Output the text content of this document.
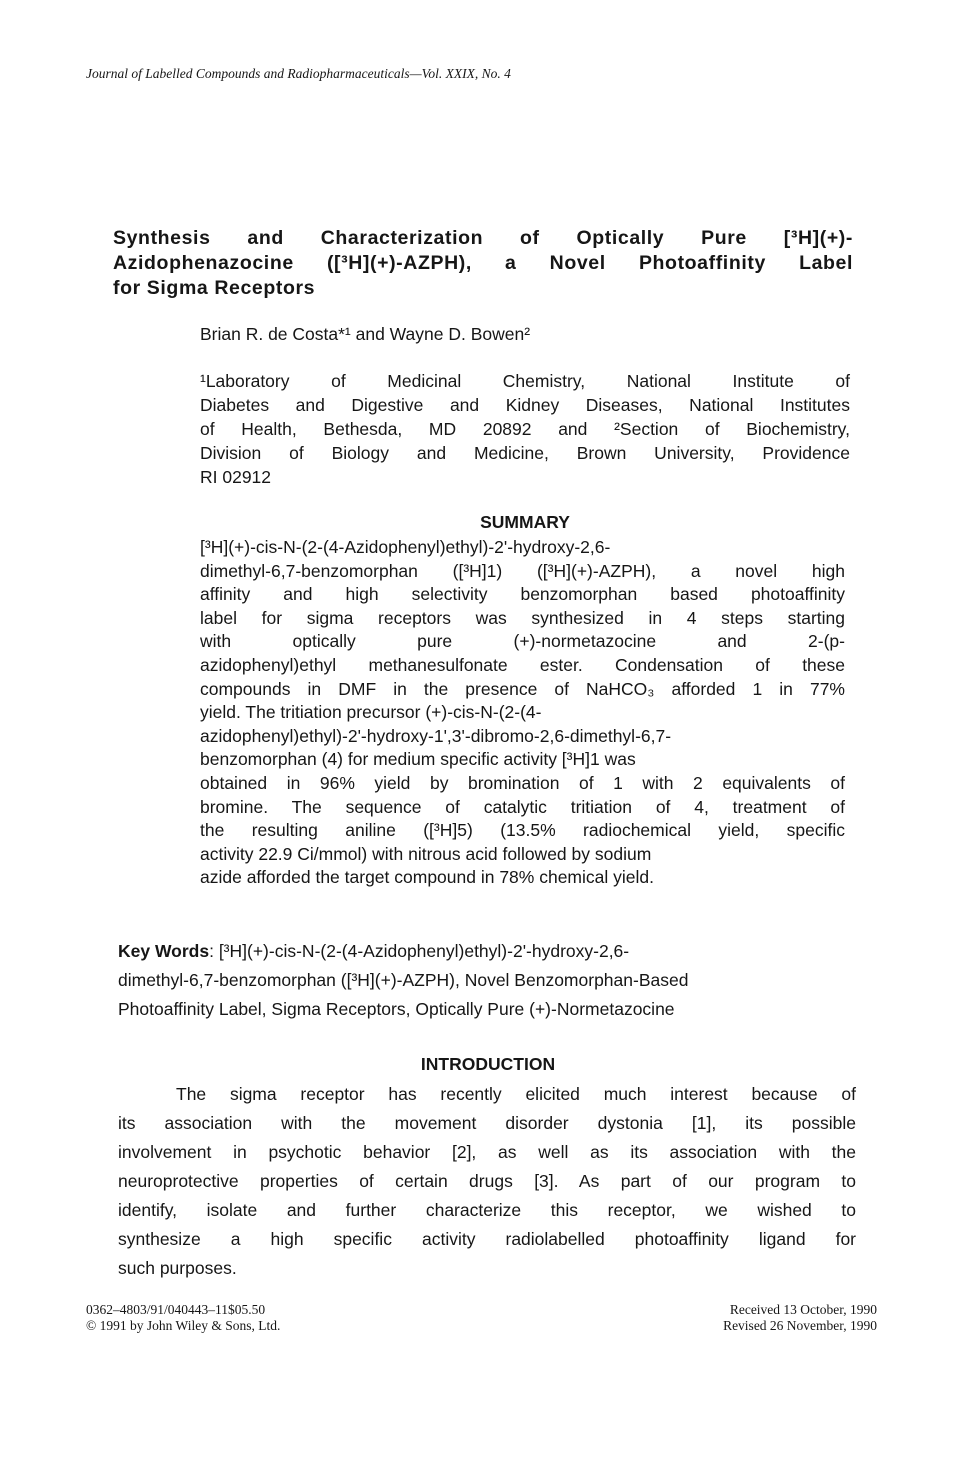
Journal of Labelled Compounds and Radiopharmaceuticals—Vol. XXIX, No. 4
Synthesis and Characterization of Optically Pure [³H](+)-
Azidophenazocine ([³H](+)-AZPH), a Novel Photoaffinity Label
for Sigma Receptors
Brian R. de Costa*¹ and Wayne D. Bowen²
¹Laboratory of Medicinal Chemistry, National Institute of
Diabetes and Digestive and Kidney Diseases, National Institutes
of Health, Bethesda, MD 20892 and ²Section of Biochemistry,
Division of Biology and Medicine, Brown University, Providence
RI 02912
SUMMARY
[³H](+)-cis-N-(2-(4-Azidophenyl)ethyl)-2'-hydroxy-2,6-
dimethyl-6,7-benzomorphan ([³H]1) ([³H](+)-AZPH), a novel high
affinity and high selectivity benzomorphan based photoaffinity
label for sigma receptors was synthesized in 4 steps starting
with optically pure (+)-normetazocine and 2-(p-
azidophenyl)ethyl methanesulfonate ester. Condensation of these
compounds in DMF in the presence of NaHCO₃ afforded 1 in 77%
yield. The tritiation precursor (+)-cis-N-(2-(4-
azidophenyl)ethyl)-2'-hydroxy-1',3'-dibromo-2,6-dimethyl-6,7-
benzomorphan (4) for medium specific activity [³H]1 was
obtained in 96% yield by bromination of 1 with 2 equivalents of
bromine. The sequence of catalytic tritiation of 4, treatment of
the resulting aniline ([³H]5) (13.5% radiochemical yield, specific
activity 22.9 Ci/mmol) with nitrous acid followed by sodium
azide afforded the target compound in 78% chemical yield.
Key Words: [³H](+)-cis-N-(2-(4-Azidophenyl)ethyl)-2'-hydroxy-2,6-
dimethyl-6,7-benzomorphan ([³H](+)-AZPH), Novel Benzomorphan-Based
Photoaffinity Label, Sigma Receptors, Optically Pure (+)-Normetazocine
INTRODUCTION
The sigma receptor has recently elicited much interest because of
its association with the movement disorder dystonia [1], its possible
involvement in psychotic behavior [2], as well as its association with the
neuroprotective properties of certain drugs [3]. As part of our program to
identify, isolate and further characterize this receptor, we wished to
synthesize a high specific activity radiolabelled photoaffinity ligand for
such purposes.
0362–4803/91/040443–11$05.50
© 1991 by John Wiley & Sons, Ltd.
Received 13 October, 1990
Revised 26 November, 1990
